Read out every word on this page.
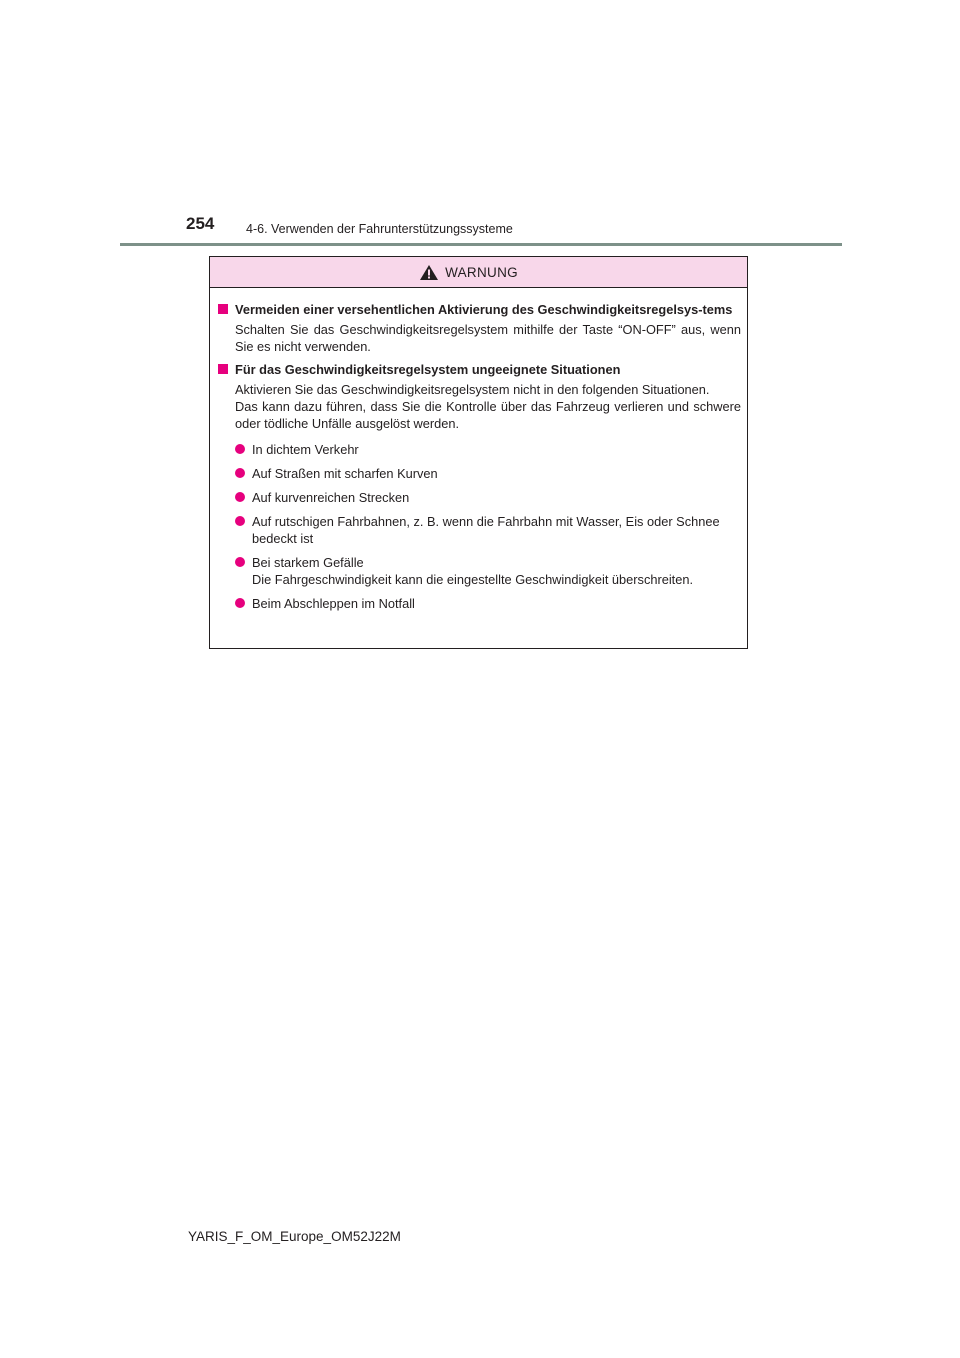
254	4-6. Verwenden der Fahrunterstützungssysteme
WARNUNG
Vermeiden einer versehentlichen Aktivierung des Geschwindigkeitsregelsys-tems
Schalten Sie das Geschwindigkeitsregelsystem mithilfe der Taste “ON-OFF” aus, wenn Sie es nicht verwenden.
Für das Geschwindigkeitsregelsystem ungeeignete Situationen
Aktivieren Sie das Geschwindigkeitsregelsystem nicht in den folgenden Situationen.
Das kann dazu führen, dass Sie die Kontrolle über das Fahrzeug verlieren und schwere oder tödliche Unfälle ausgelöst werden.
In dichtem Verkehr
Auf Straßen mit scharfen Kurven
Auf kurvenreichen Strecken
Auf rutschigen Fahrbahnen, z. B. wenn die Fahrbahn mit Wasser, Eis oder Schnee bedeckt ist
Bei starkem Gefälle
Die Fahrgeschwindigkeit kann die eingestellte Geschwindigkeit überschreiten.
Beim Abschleppen im Notfall
YARIS_F_OM_Europe_OM52J22M
